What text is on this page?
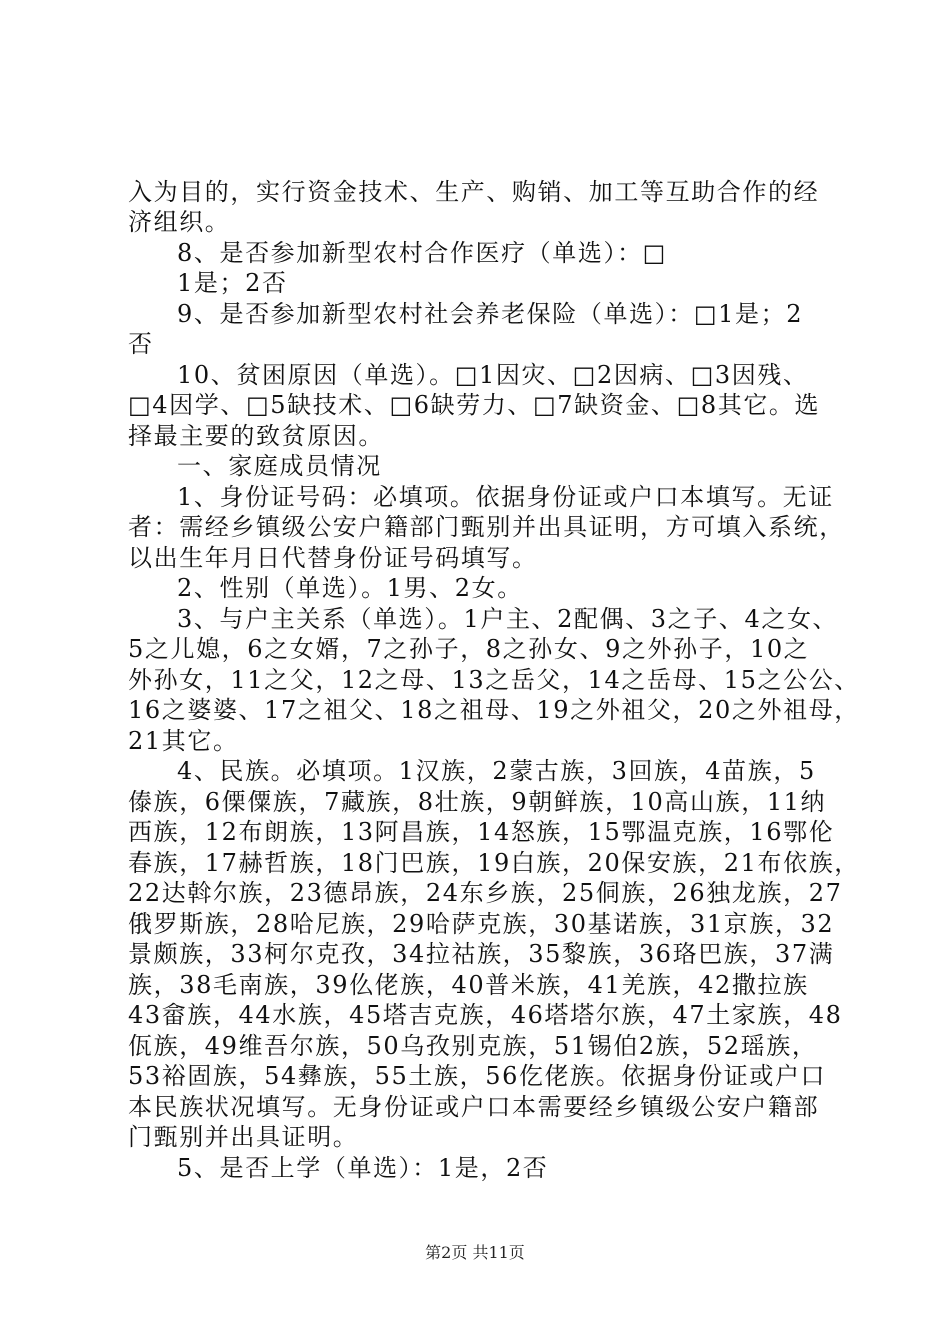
入为目的，实行资金技术、生产、购销、加工等互助合作的经
济组织。
8、是否参加新型农村合作医疗（单选）：□
1是；2否
9、是否参加新型农村社会养老保险（单选）：□1是；2
否
10、贫困原因（单选）。□1因灾、□2因病、□3因残、
□4因学、□5缺技术、□6缺劳力、□7缺资金、□8其它。选
择最主要的致贫原因。
一、家庭成员情况
1、身份证号码：必填项。依据身份证或户口本填写。无证
者：需经乡镇级公安户籍部门甄别并出具证明，方可填入系统，
以出生年月日代替身份证号码填写。
2、性别（单选）。1男、2女。
3、与户主关系（单选）。1户主、2配偶、3之子、4之女、
5之儿媳，6之女婿，7之孙子，8之孙女、9之外孙子，10之
外孙女，11之父，12之母、13之岳父，14之岳母、15之公公、
16之婆婆、17之祖父、18之祖母、19之外祖父，20之外祖母，
21其它。
4、民族。必填项。1汉族，2蒙古族，3回族，4苗族，5
傣族，6傈僳族，7藏族，8壮族，9朝鲜族，10高山族，11纳
西族，12布朗族，13阿昌族，14怒族，15鄂温克族，16鄂伦
春族，17赫哲族，18门巴族，19白族，20保安族，21布依族，
22达斡尔族，23德昂族，24东乡族，25侗族，26独龙族，27
俄罗斯族，28哈尼族，29哈萨克族，30基诺族，31京族，32
景颇族，33柯尔克孜，34拉祜族，35黎族，36珞巴族，37满
族，38毛南族，39仫佬族，40普米族，41羌族，42撒拉族
43畲族，44水族，45塔吉克族，46塔塔尔族，47土家族，48
佤族，49维吾尔族，50乌孜别克族，51锡伯2族，52瑶族，
53裕固族，54彝族，55土族，56仡佬族。依据身份证或户口
本民族状况填写。无身份证或户口本需要经乡镇级公安户籍部
门甄别并出具证明。
5、是否上学（单选）：1是，2否
第2页 共11页
